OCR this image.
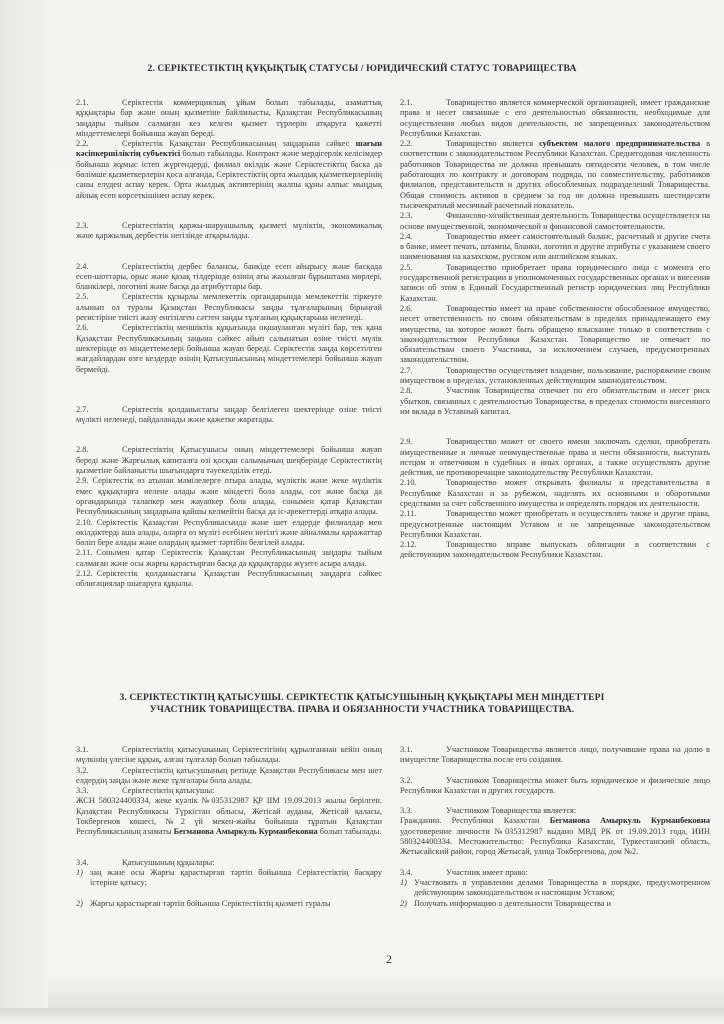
2. СЕРІКТЕСТІКТІҢ ҚҰҚЫҚТЫҚ СТАТУСЫ / ЮРИДИЧЕСКИЙ СТАТУС ТОВАРИЩЕСТВА

2.1.	Серіктестік коммерциялық ұйым болып табылады, азаматтық құқықтары бар және оның қызметіне байланысты, Қазақстан Республикасының заңдары тыйым салмаған кез келген қызмет түрлерін атқаруға қажетті міндеттемелері бойынша жауап береді.

2.2.	Серіктестік Қазақстан Республикасының заңдарына сәйкес шағын кәсіпкершіліктің субъектісі болып табылады. Контракт және мердігерлік келісімдер бойынша жұмыс істеп жүргендерді, филиал өкілдік және Серіктестіктің баска да бөлімше қызметкерлерін қоса алғанда, Серіктестіктің орта жылдық қызметкерлерінің саны елуден аспау керек. Орта жылдық активтерінің жалпы құны алпыс мыңдық айлық есеп көрсеткішінен аспау керек.

2.3.	Серіктестіктің қаржы-шаруашылық қызметі мүліктік, экономикалық және қаржылық дербестік негізінде атқарылады.

2.4.	Серіктестіктің дербес балансы, банкіде есеп айырысу және басқада есеп-шоттары, орыс және қазақ тілдерінде өзінің аты жазылған бұрыштама мөрлері, бланкілері, логотипі және басқа да атрибуттары бар.

2.5.	Серіктестік құзырлы мемлекеттік органдарында мемлекеттік тіркеуге алынып ол туралы Қазақстан Республикасы заңды тұлғаларының бірыңғай регистіріне тиісті жазу енгізілген сәттен заңды тұлғаның құқықтарына иеленеді.

2.6.	Серіктестіктің меншіктік құқығында оқшауланған мүлігі бар, тек қана Қазақстан Республикасының заңына сәйкес айып салынатын өзіне тиісті мүлік шектерінде өз міндеттемелері бойынша жауап береді. Серіктестік заңда көрсетілген жағдайлардан өзге кездерде өзінің Қатысушысының міндеттемелері бойынша жауап бермейді.

2.7.	Серіктестік қолданыстағы заңдар белгілеген шектерінде өзіне тиісті мүлікті иеленеді, пайдаланады және қажетке жаратады.

2.8.	Серіктестіктің Қатысушысы оның міндеттемелері бойынша жауап береді және Жарғылық капиталға өзі қосқан салымының шеңберінде Серіктестіктің қызметіне байланысты шығындарға тәуекелділік етеді.

2.9. Серіктестік өз атынан мәмілелерге отыра алады, мүліктік және жеке мүліктік емес құқықтарға иелене алады және міндетті бола алады, сот және басқа да органдарында талапкер мен жауапкер бола алады, сонымен қатар Қазақстан Республикасының заңдарына қайшы келмейтін басқа да іс-әрекеттерді атқара алады.

2.10. Серіктестік Қазақстан Республикасында және шет елдерде филиалдар мен өкілдіктерді аша алады, оларға өз мүлігі есебінен негізгі және айналмалы қаражаттар бөліп бере алады және олардың қызмет тәртібін белгілей алады.

2.11. Сонымен қатар Серіктестік Қазақстан Республикасының заңдары тыйым салмаған және осы жарғы қарастырған басқа да құқықтарды жүзеге асыра алады.

2.12. Серіктестік қолданыстағы Қазақстан Республикасының заңдарға сәйкес облигациялар шығаруға құқылы.

2.1.	Товарищество является коммерческой организацией, имеет гражданские права и несет связанные с его деятельностью обязанности, необходимые для осуществления любых видов деятельности, не запрещенных законодательством Республики Казахстан.

2.2.	Товарищество является субъектом малого предпринимательства в соответствии с законодательством Республики Казахстан. Среднегодовая численность работников Товарищества не должна превышать пятидесяти человек, в том числе работающих по контракту и договорам подряда, по совместительству, работников филиалов, представительств и других обособленных подразделений Товарищества. Общая стоимость активов в среднем за год не должна превышать шестидесяти тысячекратный месячный расчетный показатель.

2.3.	Финансово-хозяйственная деятельность Товарищества осуществляется на основе имущественной, экономической и финансовой самостоятельности.

2.4.	Товарищество имеет самостоятельный баланс, расчетный и другие счета в банке, имеет печать, штампы, бланки, логотип и другие атрибуты с указанием своего наименования на казахском, русском или английском языках.

2.5.	Товарищество приобретает права юридического лица с момента его государственной регистрации в уполномоченных государственных органах и внесения записи об этом в Единый Государственный регистр юридических лиц Республики Казахстан.

2.6.	Товарищество имеет на праве собственности обособленное имущество, несет ответственность по своим обязательствам в пределах принадлежащего ему имущества, на которое может быть обращено взыскание только в соответствии с законодательством Республики Казахстан. Товарищество не отвечает по обязательствам своего Участника, за исключением случаев, предусмотренных законодательством.

2.7.	Товарищество осуществляет владение, пользование, распоряжение своим имуществом в пределах, установленных действующим законодательством.

2.8.	Участник Товарищества отвечает по его обязательствам и несет риск убытков, связанных с деятельностью Товарищества, в пределах стоимости внесенного им вклада в Уставный капитал.

2.9.	Товарищество может от своего имени заключать сделки, приобретать имущественные и личные неимущественные права и нести обязанности, выступать истцом и ответчиком в судебных и иных органах, а также осуществлять другие действия, не противоречащие законодательству Республики Казахстан.

2.10.	Товарищество может открывать филиалы и представительства в Республике Казахстан и за рубежом, наделять их основными и оборотными средствами за счет собственного имущества и определять порядок их деятельности.

2.11.	Товарищество может приобретать и осуществлять также и другие права, предусмотренные настоящим Уставом и не запрещенные законодательством Республики Казахстан.

2.12.	Товарищество вправе выпускать облигации в соответствии с действующим законодательством Республики Казахстан.

3. СЕРІКТЕСТІКТІҢ ҚАТЫСУШЫ. СЕРІКТЕСТІК ҚАТЫСУШЫНЫҢ ҚҰҚЫҚТАРЫ МЕН МІНДЕТТЕРІ
УЧАСТНИК ТОВАРИЩЕСТВА. ПРАВА И ОБЯЗАННОСТИ УЧАСТНИКА ТОВАРИЩЕСТВА.

3.1.	Серіктестіктің қатысушының Серіктестігінің құрылғаннан кейін оның мүлкінің үлесіне құқық, алған тұлғалар болып табылады.

3.2.	Серіктестіктің қатысушының ретінде Қазақстан Республикасы мен шет елдердің заңды және жеке тұлғалары бола алады.

3.3.	Серіктестіктің қатысушы:

ЖСН 580324400334, жеке куәлік №035312987 ҚР ІІМ 19.09.2013 жылы берілген. Қазақстан Республикасы Түркістан облысы, Жетісай ауданы, Жетісай қаласы, Токбергенов көшесі, №2 үй мекен-жайы бойынша тұратын Қазақстан Республикасының азаматы Бегманова Амыркуль Курманбековна болып табылады.

3.4.	Қатысушының құқылары:

1) заң және осы Жарғы қарастырған тәртіп бойынша Серіктестіктің басқару істеріне қатысу;
2) Жарғы қарастырған тәртіп бойынша Серіктестіктің қызметі туралы

3.1.	Участником Товарищества является лицо, получившие права на долю в имуществе Товарищества после его создания.

3.2.	Участником Товарищества может быть юридическое и физическое лицо Республики Казахстан и других государств.

3.3.	Участником Товарищества является:

Гражданин. Республики Казахстан Бегманова Амыркуль Курманбековна удостоверение личности №035312987 выдано МВД РК от 19.09.2013 года, ИИН 580324400334. Местожительство: Республика Казахстан, Туркестанский область, Жетысайский район, город Жетысай, улица Токбергенова, дом №2.

3.4.	Участник имеет право:

1) Участвовать в управлении делами Товарищества в порядке, предусмотренном действующим законодательством и настоящим Уставом;
2) Получать информацию о деятельности Товарищества и
2
